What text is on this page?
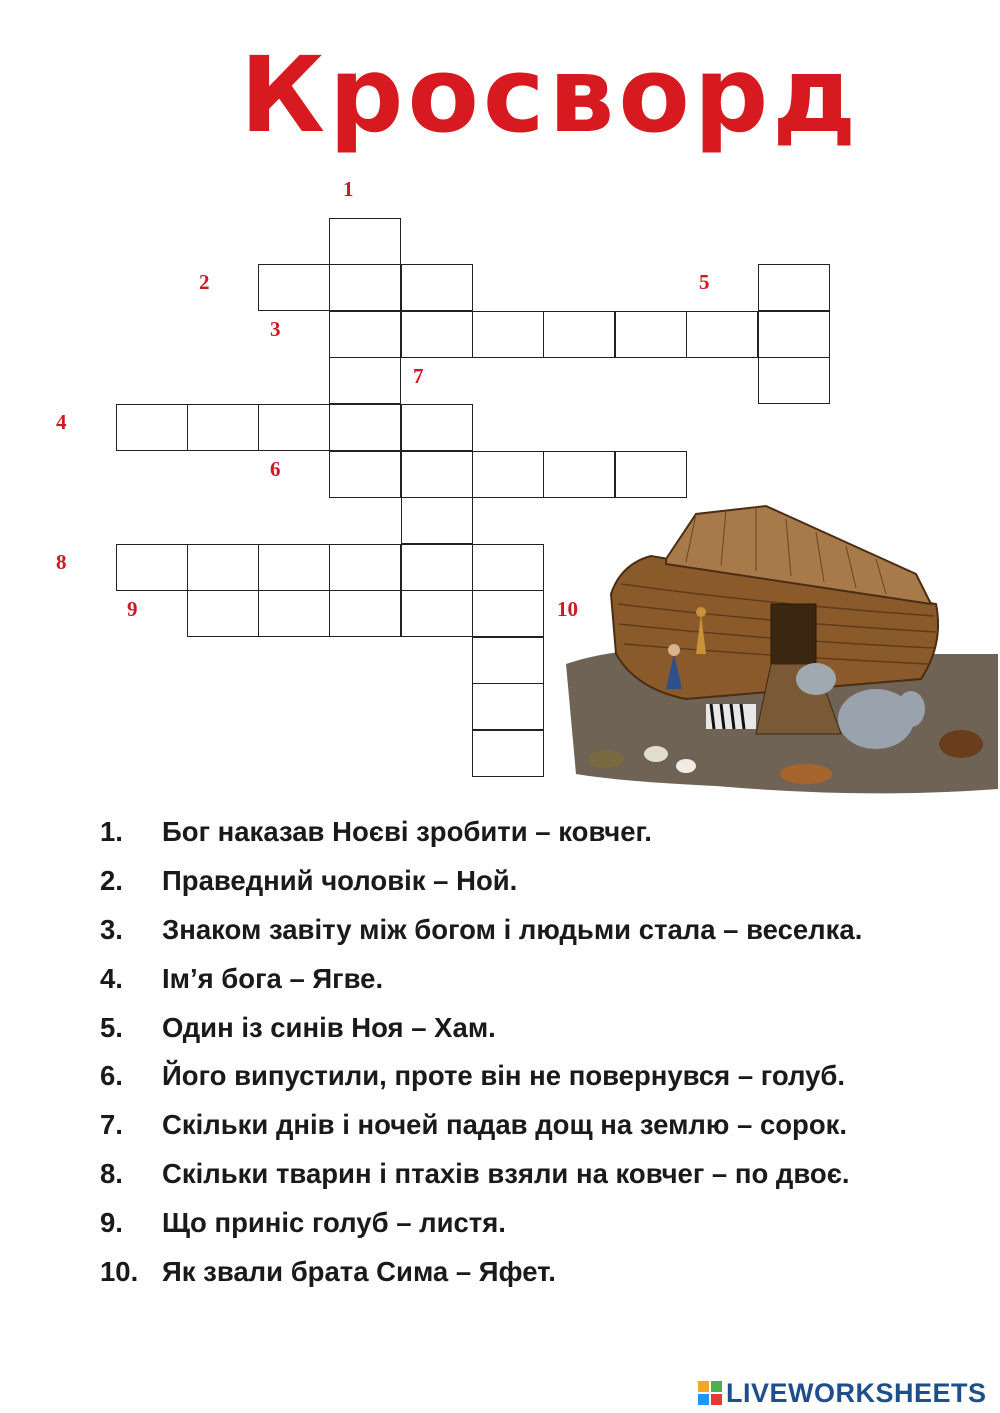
Кросворд
1
2
3
4
5
6
7
8
9	10
1.	Бог наказав Ноєві зробити – ковчег.
2.	Праведний чоловік – Ной.
3.	Знаком завіту між богом і людьми стала – веселка.
4.	Ім’я бога – Ягве.
5.	Один із синів Ноя – Хам.
6.	Його випустили, проте він не повернувся – голуб.
7.	Скільки днів і ночей падав дощ на землю – сорок.
8.	Скільки тварин і птахів взяли на ковчег – по двоє.
9.	Що приніс голуб – листя.
10. Як звали брата Сима – Яфет.
LIVEWORKSHEETS
